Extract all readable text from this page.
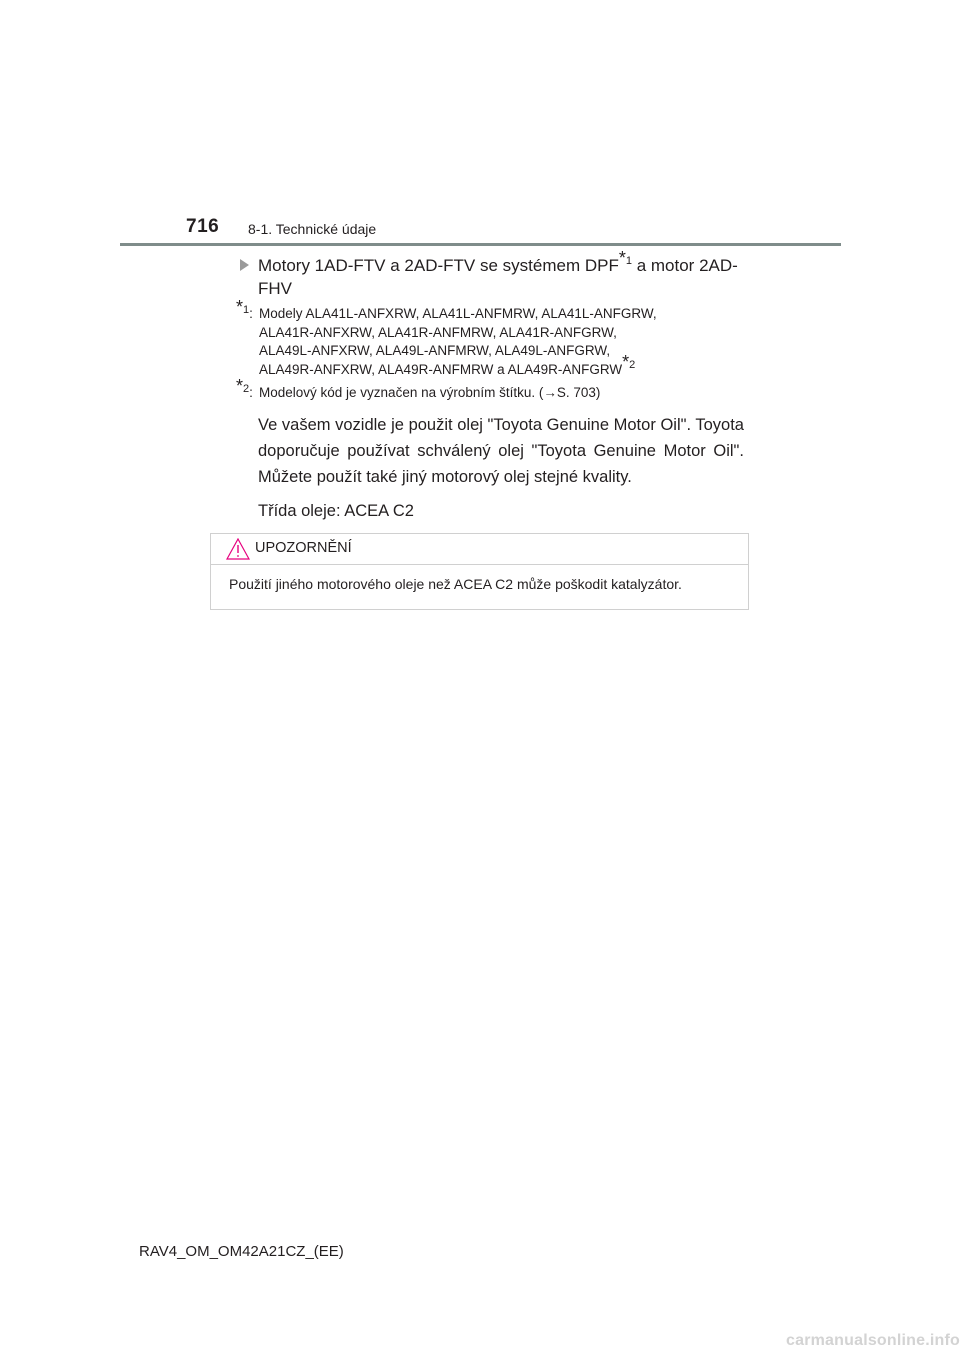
716 8-1. Technické údaje
Motory 1AD-FTV a 2AD-FTV se systémem DPF$^{*1}$ a motor 2AD-
FHV
$^{*1}$: Modely ALA41L-ANFXRW, ALA41L-ANFMRW, ALA41L-ANFGRW,
ALA41R-ANFXRW, ALA41R-ANFMRW, ALA41R-ANFGRW,
ALA49L-ANFXRW, ALA49L-ANFMRW, ALA49L-ANFGRW,
ALA49R-ANFXRW, ALA49R-ANFMRW a ALA49R-ANFGRW$^{*2}$
$^{*2}$: Modelový kód je vyznačen na výrobním štítku. (→S. 703)

Ve vašem vozidle je použit olej "Toyota Genuine Motor Oil". Toyota doporučuje používat schválený olej "Toyota Genuine Motor Oil". Můžete použít také jiný motorový olej stejné kvality.

Třída oleje: ACEA C2

UPOZORNĚNÍ
Použití jiného motorového oleje než ACEA C2 může poškodit katalyzátor.
RAV4_OM_OM42A21CZ_(EE)
carmanualsonline.info
